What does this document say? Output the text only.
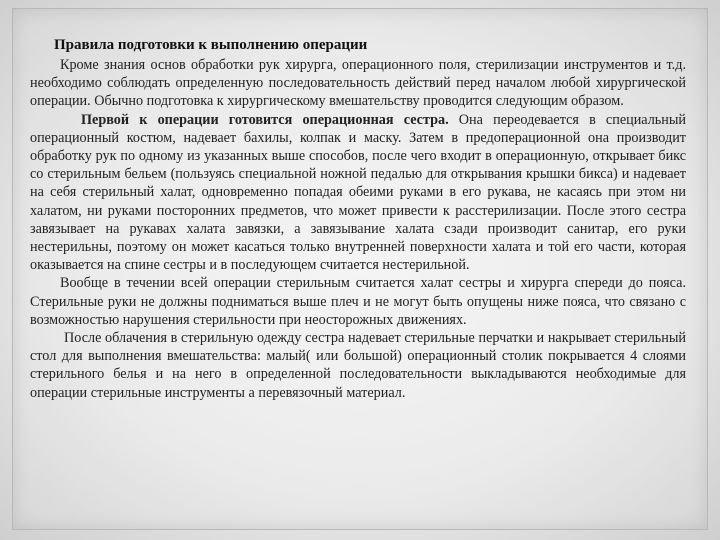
Правила подготовки к выполнению операции

Кроме знания основ обработки рук хирурга, операционного поля, стерилизации инструментов и т.д. необходимо соблюдать определенную последовательность действий перед началом любой хирургической операции. Обычно подготовка к хирургическому вмешательству проводится следующим образом.

Первой к операции готовится операционная сестра. Она переодевается в специальный операционный костюм, надевает бахилы, колпак и маску. Затем в предоперационной она производит обработку рук по одному из указанных выше способов, после чего входит в операционную, открывает бикс со стерильным бельем (пользуясь специальной ножной педалью для открывания крышки бикса) и надевает на себя стерильный халат, одновременно попадая обеими руками в его рукава, не касаясь при этом ни халатом, ни руками посторонних предметов, что может привести к расстерилизации. После этого сестра завязывает на рукавах халата завязки, а завязывание халата сзади производит санитар, его руки нестерильны, поэтому он может касаться только внутренней поверхности халата и той его части, которая оказывается на спине сестры и в последующем считается нестерильной.

Вообще в течении всей операции стерильным считается халат сестры и хирурга спереди до пояса. Стерильные руки не должны подниматься выше плеч и не могут быть опущены ниже пояса, что связано с возможностью нарушения стерильности при неосторожных движениях.

После облачения в стерильную одежду сестра надевает стерильные перчатки и накрывает стерильный стол для выполнения вмешательства: малый( или большой) операционный столик покрывается 4 слоями стерильного белья и на него в определенной последовательности выкладываются необходимые для операции стерильные инструменты а перевязочный материал.
